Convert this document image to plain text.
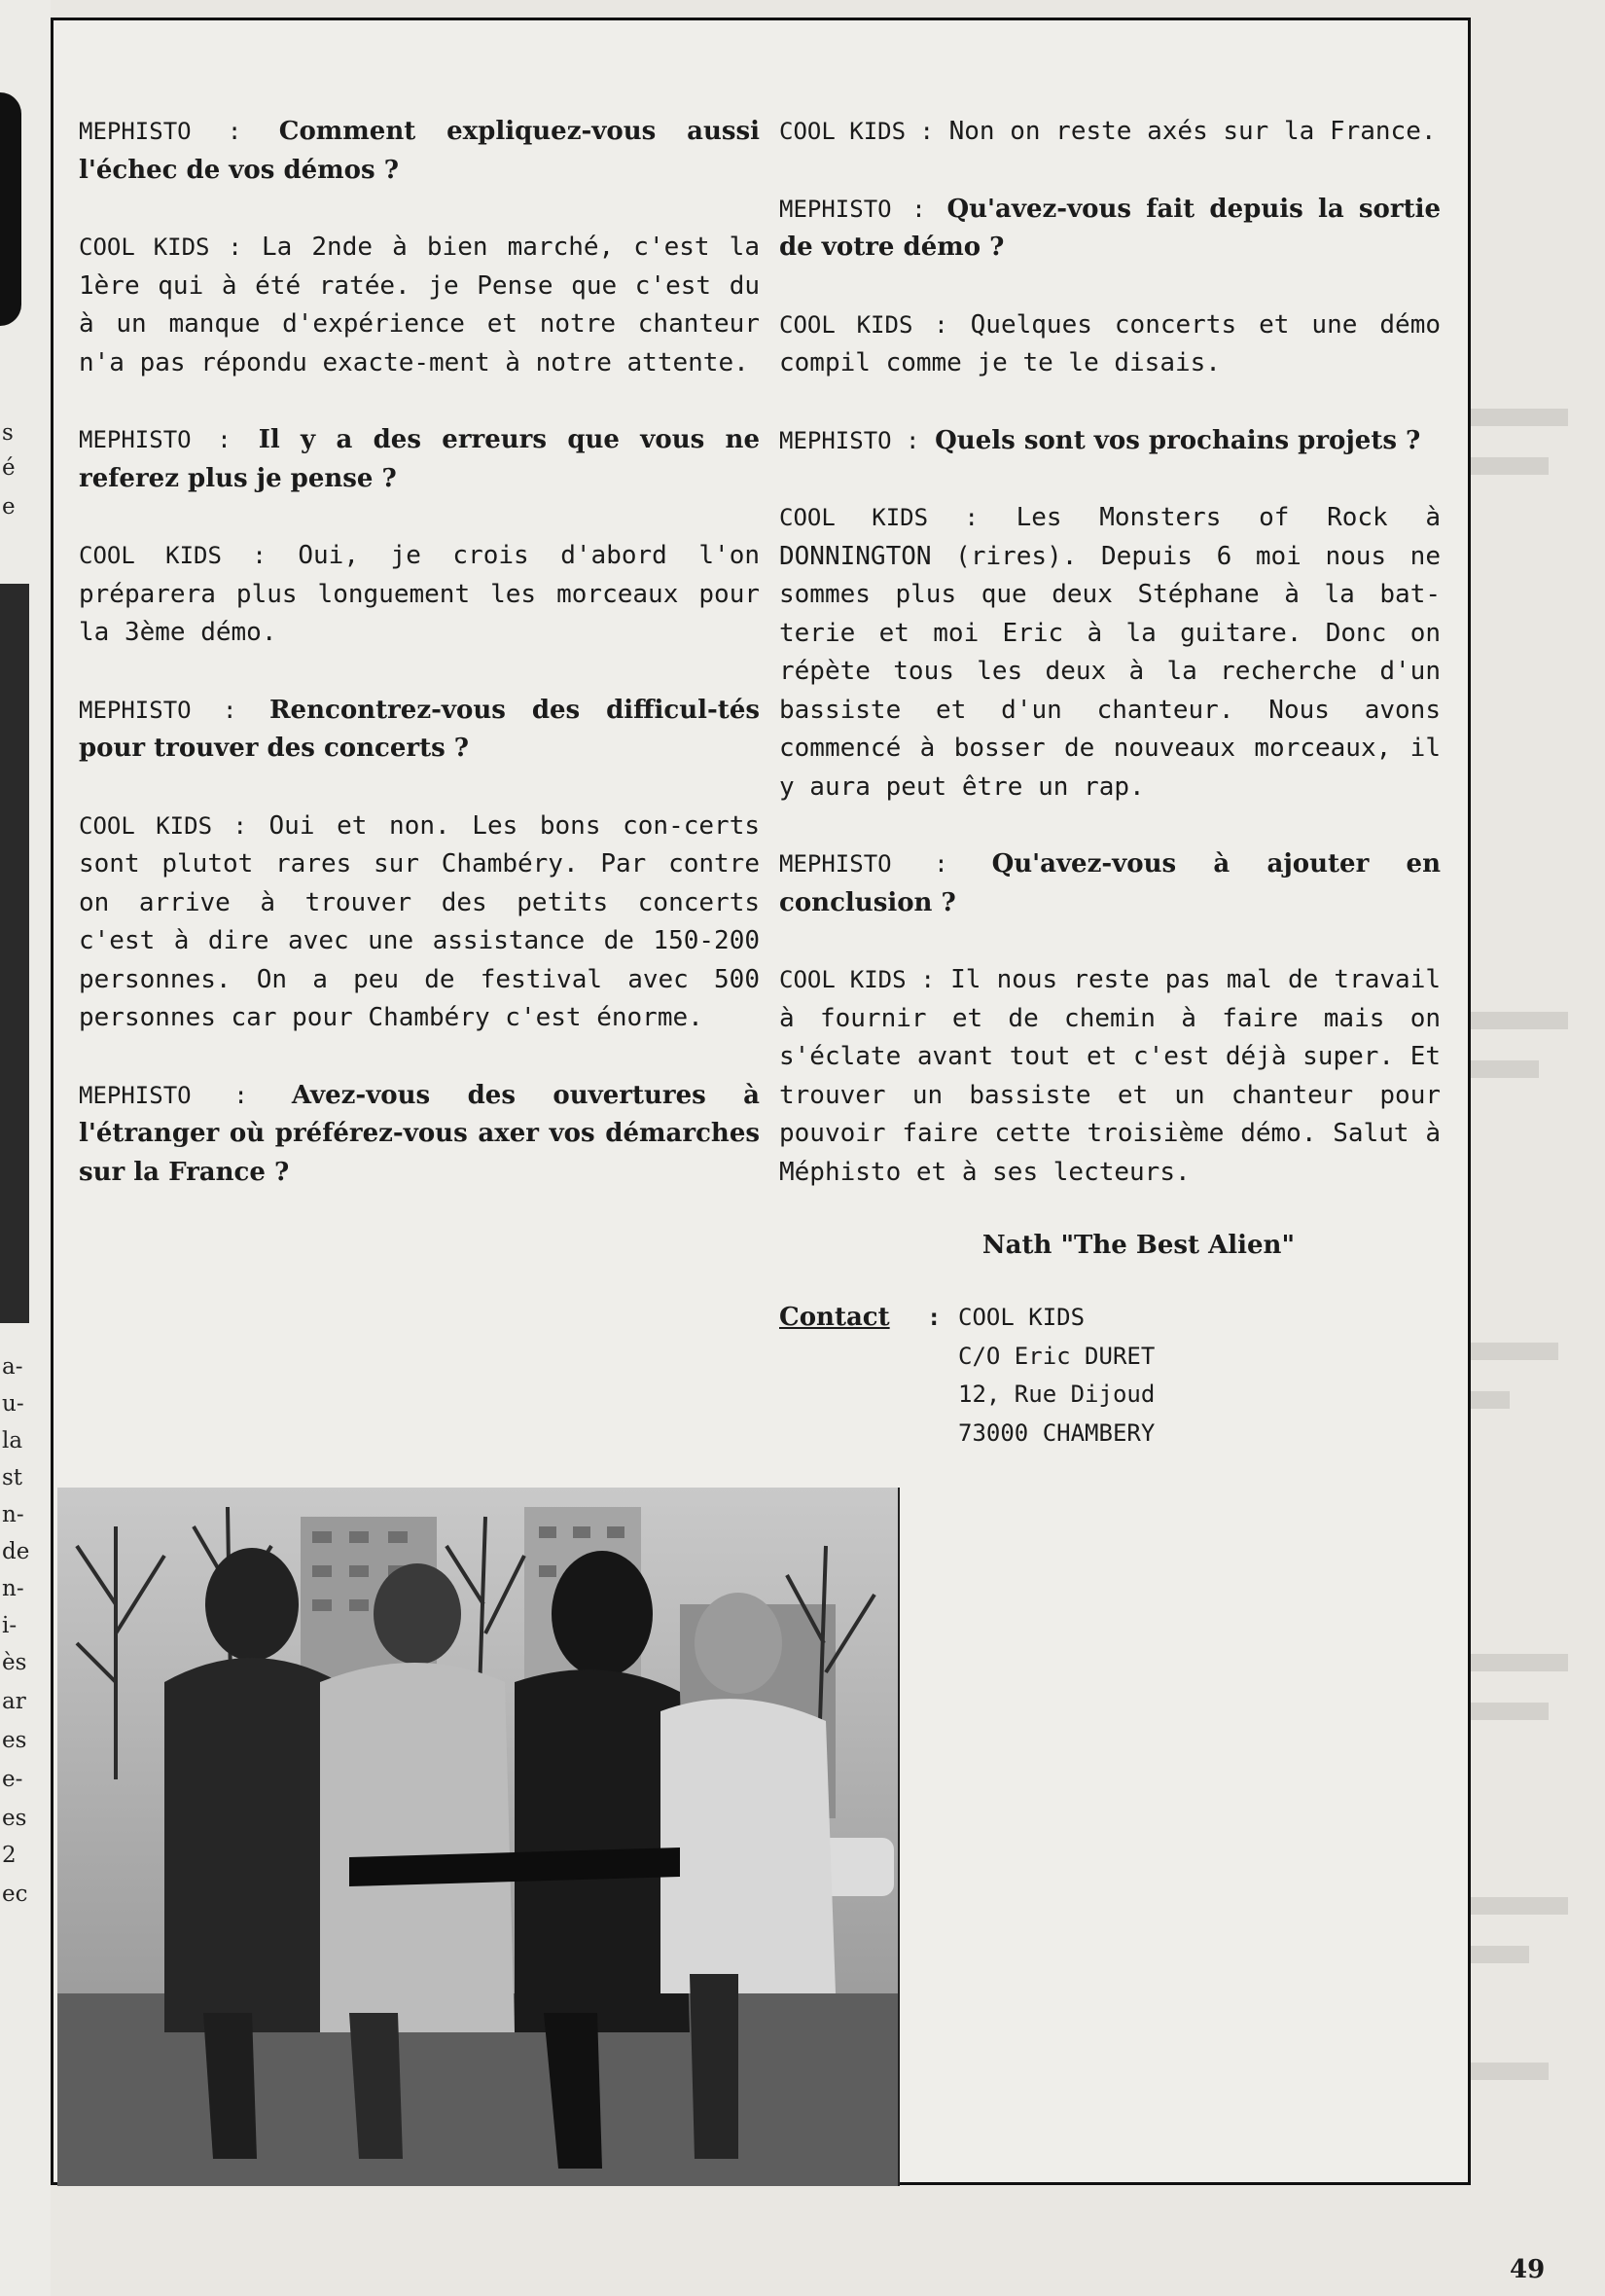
s
é
e
a-
u-
la
st
n-
de
n-
i-
ès
ar
es
e-
es
2
ec

MEPHISTO : Comment expliquez-vous aussi l'échec de vos démos ?

COOL KIDS : La 2nde à bien marché, c'est la 1ère qui à été ratée. je Pense que c'est du à un manque d'expérience et notre chanteur n'a pas répondu exacte-ment à notre attente.

MEPHISTO : Il y a des erreurs que vous ne referez plus je pense ?

COOL KIDS : Oui, je crois d'abord l'on préparera plus longuement les morceaux pour la 3ème démo.

MEPHISTO : Rencontrez-vous des difficul-tés pour trouver des concerts ?

COOL KIDS : Oui et non. Les bons con-certs sont plutot rares sur Chambéry. Par contre on arrive à trouver des petits concerts c'est à dire avec une assistance de 150-200 personnes. On a peu de festival avec 500 personnes car pour Chambéry c'est énorme.

MEPHISTO : Avez-vous des ouvertures à l'étranger où préférez-vous axer vos démarches sur la France ?

COOL KIDS : Non on reste axés sur la France.

MEPHISTO : Qu'avez-vous fait depuis la sortie de votre démo ?

COOL KIDS : Quelques concerts et une démo compil comme je te le disais.

MEPHISTO : Quels sont vos prochains projets ?

COOL KIDS : Les Monsters of Rock à DONNINGTON (rires). Depuis 6 moi nous ne sommes plus que deux Stéphane à la bat-terie et moi Eric à la guitare. Donc on répète tous les deux à la recherche d'un bassiste et d'un chanteur. Nous avons commencé à bosser de nouveaux morceaux, il y aura peut être un rap.

MEPHISTO : Qu'avez-vous à ajouter en conclusion ?

COOL KIDS : Il nous reste pas mal de travail à fournir et de chemin à faire mais on s'éclate avant tout et c'est déjà super. Et trouver un bassiste et un chanteur pour pouvoir faire cette troisième démo. Salut à Méphisto et à ses lecteurs.

Nath "The Best Alien"

Contact : COOL KIDS
C/O Eric DURET
12, Rue Dijoud
73000 CHAMBERY
49
